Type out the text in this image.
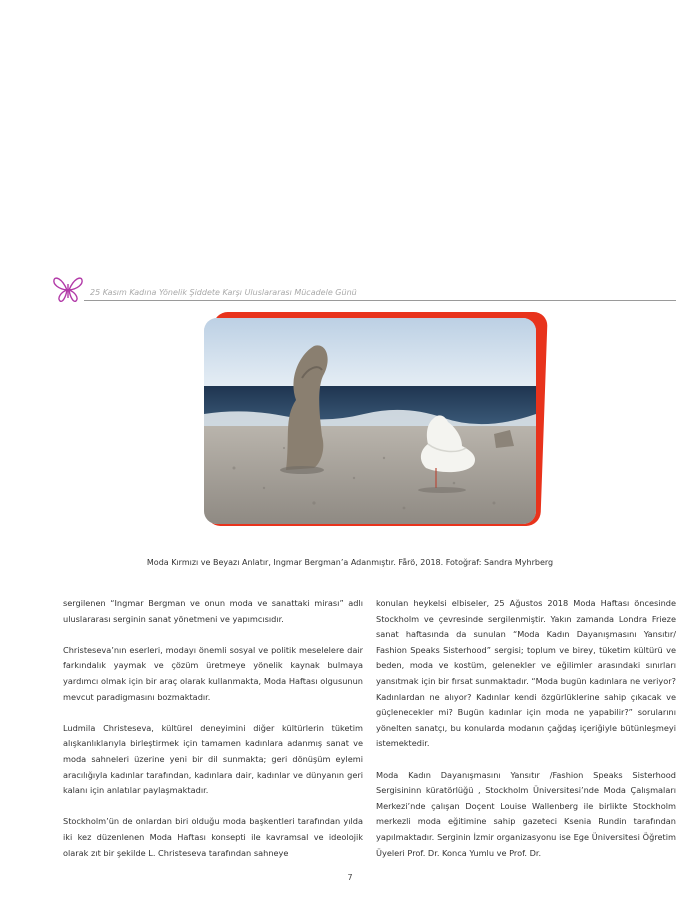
25 Kasım Kadına Yönelik Şiddete Karşı Uluslararası Mücadele Günü
Moda Kırmızı ve Beyazı Anlatır, Ingmar Bergman’a Adanmıştır. Fårö, 2018. Fotoğraf: Sandra Myhrberg

sergilenen “Ingmar Bergman ve onun moda ve sanattaki mirası” adlı uluslararası serginin sanat yönetmeni ve yapımcısıdır.

Christeseva’nın eserleri, modayı önemli sosyal ve politik meselelere dair farkındalık yaymak ve çözüm üretmeye yönelik kaynak bulmaya yardımcı olmak için bir araç olarak kullanmakta, Moda Haftası olgusunun mevcut paradigmasını bozmaktadır.

Ludmila Christeseva, kültürel deneyimini diğer kültürlerin tüketim alışkanlıklarıyla birleştirmek için tamamen kadınlara adanmış sanat ve moda sahneleri üzerine yeni bir dil sunmakta; geri dönüşüm eylemi aracılığıyla kadınlar tarafından, kadınlara dair, kadınlar ve dünyanın geri kalanı için anlatılar paylaşmaktadır.

Stockholm’ün de onlardan biri olduğu moda başkentleri tarafından yılda iki kez düzenlenen Moda Haftası konsepti ile kavramsal ve ideolojik olarak zıt bir şekilde L. Christeseva tarafından sahneye

konulan heykelsi elbiseler, 25 Ağustos 2018 Moda Haftası öncesinde Stockholm ve çevresinde sergilenmiştir. Yakın zamanda Londra Frieze sanat haftasında da sunulan “Moda Kadın Dayanışmasını Yansıtır/ Fashion Speaks Sisterhood” sergisi; toplum ve birey, tüketim kültürü ve beden, moda ve kostüm, gelenekler ve eğilimler arasındaki sınırları yansıtmak için bir fırsat sunmaktadır. “Moda bugün kadınlara ne veriyor? Kadınlardan ne alıyor? Kadınlar kendi özgürlüklerine sahip çıkacak ve güçlenecekler mi? Bugün kadınlar için moda ne yapabilir?” sorularını yönelten sanatçı, bu konularda modanın çağdaş içeriğiyle bütünleşmeyi istemektedir.

Moda Kadın Dayanışmasını Yansıtır /Fashion Speaks Sisterhood Sergisininn küratörlüğü , Stockholm Üniversitesi’nde Moda Çalışmaları Merkezi’nde çalışan Doçent Louise Wallenberg ile birlikte Stockholm merkezli moda eğitimine sahip gazeteci Ksenia Rundin tarafından yapılmaktadır. Serginin İzmir organizasyonu ise Ege Üniversitesi Öğretim Üyeleri Prof. Dr. Konca Yumlu ve Prof. Dr.

7
